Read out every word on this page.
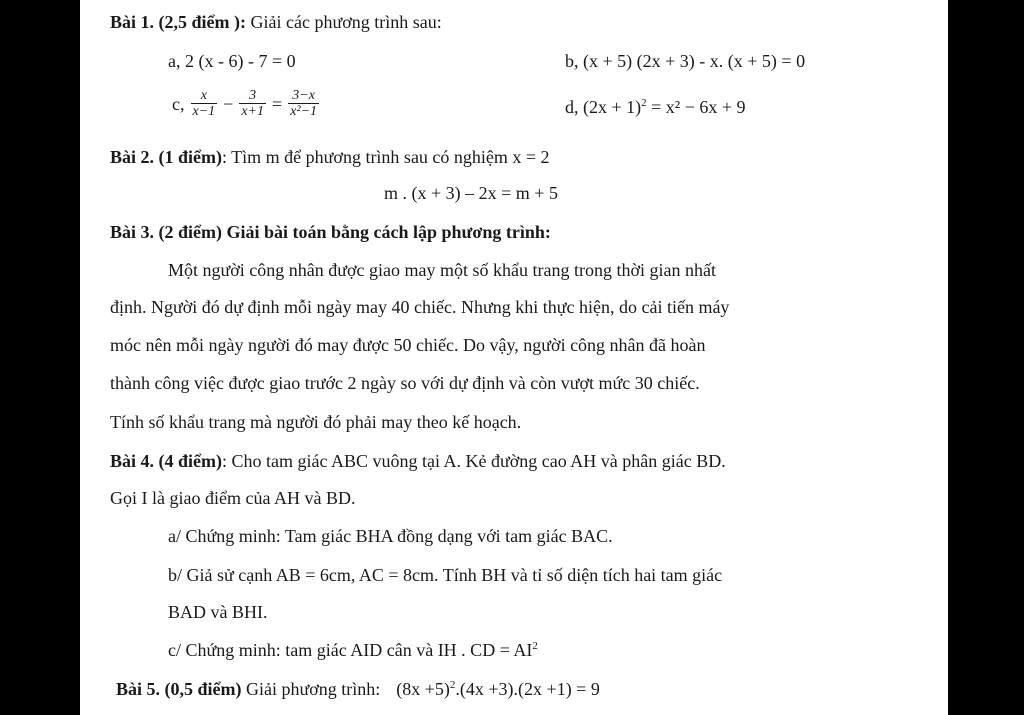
Bài 1. (2,5 điểm ): Giải các phương trình sau:
a, 2 (x - 6) - 7 = 0	b, (x + 5) (2x + 3) - x. (x + 5) = 0
c, $\frac{x}{x-1} - \frac{3}{x+1} = \frac{3-x}{\text{x²−1}}$	d, $(2x + 1)^2 = x^2 - 6x + 9$
Bài 2. (1 điểm): Tìm m để phương trình sau có nghiệm x = 2
m . (x + 3) – 2x = m + 5
Bài 3. (2 điểm) Giải bài toán bằng cách lập phương trình:
Một người công nhân được giao may một số khẩu trang trong thời gian nhất
định. Người đó dự định mỗi ngày may 40 chiếc. Nhưng khi thực hiện, do cải tiến máy
móc nên mỗi ngày người đó may được 50 chiếc. Do vậy, người công nhân đã hoàn
thành công việc được giao trước 2 ngày so với dự định và còn vượt mức 30 chiếc.
Tính số khẩu trang mà người đó phải may theo kế hoạch.
Bài 4. (4 điểm): Cho tam giác ABC vuông tại A. Kẻ đường cao AH và phân giác BD.
Gọi I là giao điểm của AH và BD.
a/ Chứng minh: Tam giác BHA đồng dạng với tam giác BAC.
b/ Giả sử cạnh AB = 6cm, AC = 8cm. Tính BH và tỉ số diện tích hai tam giác
BAD và BHI.
c/ Chứng minh: tam giác AID cân và IH . CD = $AI^2$
Bài 5. (0,5 điểm) Giải phương trình: $(8x +5)^2.(4x +3).(2x +1) = 9$
